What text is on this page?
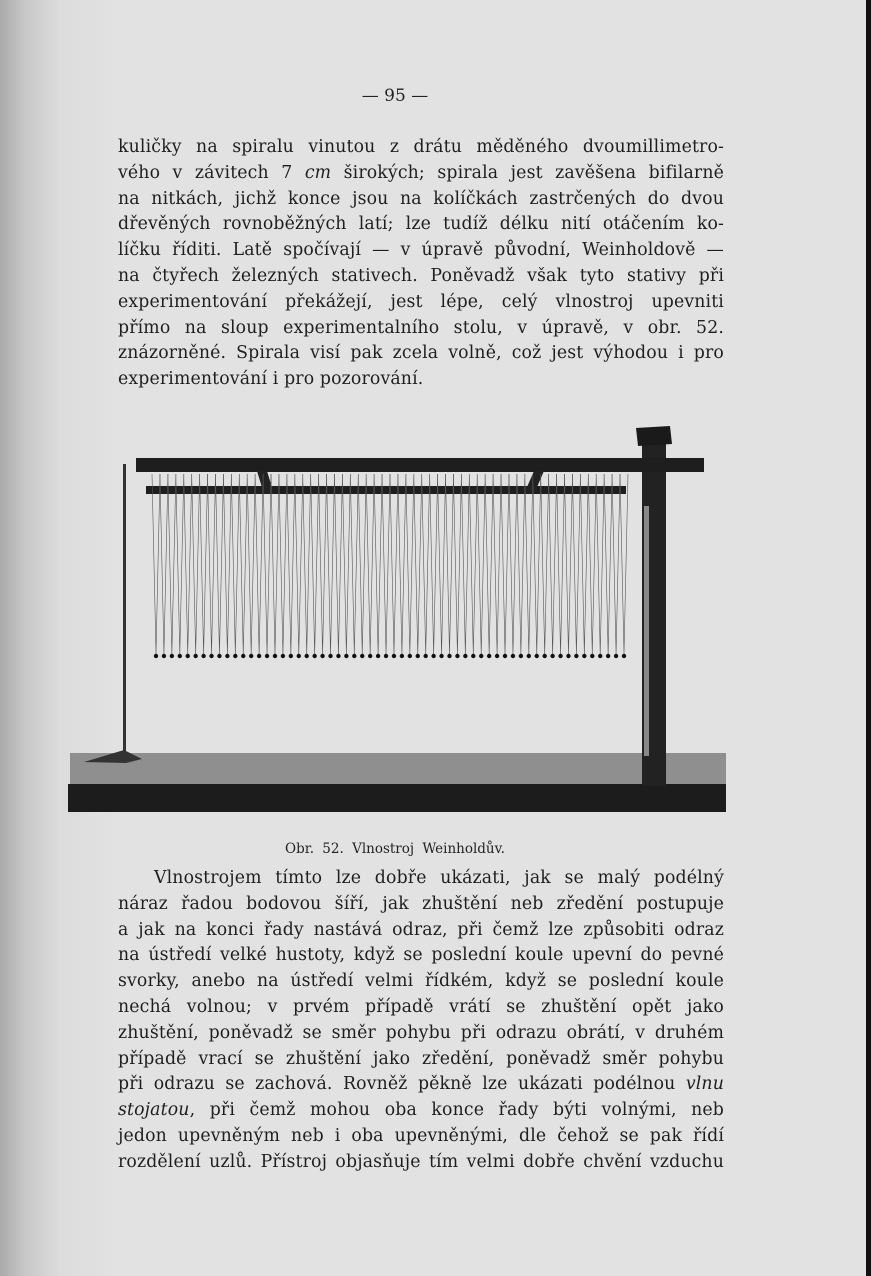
— 95 —
kuličky na spiralu vinutou z drátu měděného dvoumillimetro-
vého v závitech 7 cm širokých; spirala jest zavěšena bifilarně
na nitkách, jichž konce jsou na kolíčkách zastrčených do dvou
dřevěných rovnoběžných latí; lze tudíž délku nití otáčením ko-
líčku říditi. Latě spočívají — v úpravě původní, Weinholdově —
na čtyřech železných stativech. Poněvadž však tyto stativy při
experimentování překážejí, jest lépe, celý vlnostroj upevniti
přímo na sloup experimentalního stolu, v úpravě, v obr. 52.
znázorněné. Spirala visí pak zcela volně, což jest výhodou i pro
experimentování i pro pozorování.
Obr. 52. Vlnostroj Weinholdův.
Vlnostrojem tímto lze dobře ukázati, jak se malý podélný
náraz řadou bodovou šíří, jak zhuštění neb zředění postupuje
a jak na konci řady nastává odraz, při čemž lze způsobiti odraz
na ústředí velké hustoty, když se poslední koule upevní do pevné
svorky, anebo na ústředí velmi řídkém, když se poslední koule
nechá volnou; v prvém případě vrátí se zhuštění opět jako
zhuštění, poněvadž se směr pohybu při odrazu obrátí, v druhém
případě vrací se zhuštění jako zředění, poněvadž směr pohybu
při odrazu se zachová. Rovněž pěkně lze ukázati podélnou vlnu
stojatou, při čemž mohou oba konce řady býti volnými, neb
jedon upevněným neb i oba upevněnými, dle čehož se pak řídí
rozdělení uzlů. Přístroj objasňuje tím velmi dobře chvění vzduchu
